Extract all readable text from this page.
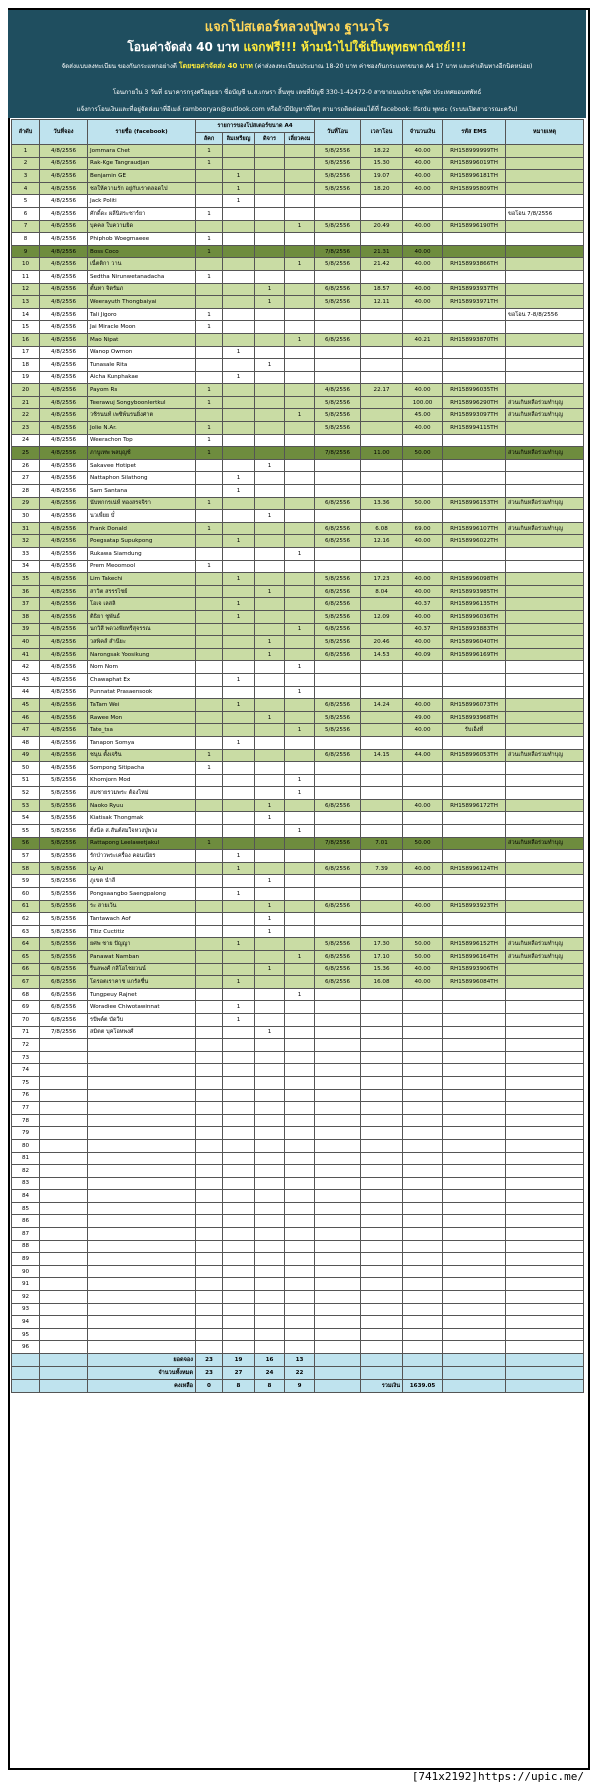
แจกโปสเตอร์หลวงปู่พวง ฐานวโร
โอนค่าจัดส่ง 40 บาท แจกฟรี!!! ห้ามนำไปใช้เป็นพุทธพาณิชย์!!!
จัดส่งแบบลงทะเบียน ของกันกระแทกอย่างดี โดยขอค่าจัดส่ง 40 บาท (ค่าส่งลงทะเบียนประมาณ 18-20 บาท ค่าซองกันกระแทกขนาด A4 17 บาท และค่าเดินทางอีกนิดหน่อย)
โอนภายใน 3 วันที่ ธนาคารกรุงศรีอยุธยา ชื่อบัญชี น.ส.เกษรา สิ้นทุข เลขที่บัญชี 330-1-42472-0 สาขาถนนประชาอุทิศ ประเทศยอนทพัทธ์
แจ้งการโอนเงินและที่อยู่จัดส่งมาที่อีเมล์ rambooryan@outlook.com หรือถ้ามีปัญหาที่ใดๆ สามารถติดต่อผมได้ที่ facebook: Ifsrdu พุทธะ (ระบบเปิดสาธารณะครับ)
ลำดับ	วันที่จอง	รายชื่อ (facebook)	รายการของโปสเตอร์ขนาด A4				วันที่โอน	เวลาโอน	จำนวนเงิน	รหัส EMS	หมายเหตุ
			ลัคก	ลิมเหรียญ	ดิจาร	เลี่ยวคงม					
1	4/8/2556	Jommara Chet	1				5/8/2556	18.22	40.00	RH158999999TH	
2	4/8/2556	Rak-Kge Tangraudjan	1				5/8/2556	15.30	40.00	RH158996019TH	
3	4/8/2556	Benjamin GE		1			5/8/2556	19.07	40.00	RH158996181TH	
4	4/8/2556	ชลให้ความรัก อยู่กับเราตลอดไป		1			5/8/2556	18.20	40.00	RH158995809TH	
5	4/8/2556	Jack Politi		1							
6	4/8/2556	ศักดิ์ดะ ผลีนิสระชาร์ยา	1								ขอโอน 7/8/2556
7	4/8/2556	บุคคล ใบความยิด				1	5/8/2556	20.49	40.00	RH158996190TH	
8	4/8/2556	Phiphob Woegmaeee	1								
9	4/8/2556	Boss Coco	1				7/8/2556	21.31	40.00		
10	4/8/2556	เนื่ตติกา วาน				1	5/8/2556	21.42	40.00	RH158993866TH	
11	4/8/2556	Sedtha Nirunwetanadacha	1								
12	4/8/2556	ตั้นทา จิตรัมภ			1		6/8/2556	18.57	40.00	RH158993937TH	
13	4/8/2556	Weerayuth Thongbaiyai			1		5/8/2556	12.11	40.00	RH158993971TH	
14	4/8/2556	Tali Jigoro	1								ขอโอน 7-8/8/2556
15	4/8/2556	Jai Miracle Moon	1								
16	4/8/2556	Mao Nipat				1	6/8/2556		40.21	RH158993870TH	
17	4/8/2556	Wanop Owmon		1							
18	4/8/2556	Tunasale Rita			1						
19	4/8/2556	Aicha Kunphakae		1							
20	4/8/2556	Payom Rs	1				4/8/2556	22.17	40.00	RH158996035TH	
21	4/8/2556	Teerawuj Songyboonlertkul	1				5/8/2556		100.00	RH158996290TH	ส่วนเกินหลือร่วมทำบุญ
22	4/8/2556	วชิรนนท์ เพชิพ์นรนยิ่งศาต				1	5/8/2556		45.00	RH158993097TH	ส่วนเกินหลือร่วมทำบุญ
23	4/8/2556	Jolie N.Ar.	1				5/8/2556		40.00	RH158994115TH	
24	4/8/2556	Weerachon Top	1								
25	4/8/2556	ภาบูเทพ พลบุญช์	1				7/8/2556	11.00	50.00		ส่วนเกินหลือร่วมทำบุญ
26	4/8/2556	Sakavee Hotipet			1						
27	4/8/2556	Nattaphon Silathong		1							
28	4/8/2556	Sam Santana		1							
29	4/8/2556	นับทกกรเน่ห์ ทองสรจจิรา	1				6/8/2556	13.36	50.00	RH158996153TH	ส่วนเกินหลือร่วมทำบุญ
30	4/8/2556	นวเพื่ยย บั๋			1						
31	4/8/2556	Frank Donald	1				6/8/2556	6.08	69.00	RH158996107TH	ส่วนเกินหลือร่วมทำบุญ
32	4/8/2556	Poegsatap Supukpong		1			6/8/2556	12.16	40.00	RH158996022TH	
33	4/8/2556	Rukawa Siamdung				1					
34	4/8/2556	Prem Meoomool	1								
35	4/8/2556	Lim Takechi		1			5/8/2556	17.23	40.00	RH158996098TH	
36	4/8/2556	สาวิต สรรรไชย์			1		6/8/2556	8.04	40.00	RH158993985TH	
37	4/8/2556	โอเจ เลสลิ		1			6/8/2556		40.37	RH158996135TH	
38	4/8/2556	ติธิยา ชูพันธ์		1			5/8/2556	12.09	40.00	RH158996036TH	
39	4/8/2556	นกวิสี พดวงฟัยทรีสุจรรณ				1	6/8/2556		40.37	RH158993883TH	
40	4/8/2556	วสพิคส์ สำนึยะ			1		5/8/2556	20.46	40.00	RH158996040TH	
41	4/8/2556	Narongsak Yoosikung			1		6/8/2556	14.53	40.09	RH158996169TH	
42	4/8/2556	Nom Nom				1					
43	4/8/2556	Chawaphat Ex		1							
44	4/8/2556	Punnatat Prasaensook				1					
45	4/8/2556	TaTam Wei		1			6/8/2556	14.24	40.00	RH158996073TH	
46	4/8/2556	Rawee Mon			1		5/8/2556		49.00	RH158993968TH	
47	4/8/2556	Tate_tsa				1	5/8/2556		40.00	รับเอ็งที่	
48	4/8/2556	Tanapon Somya		1							
49	4/8/2556	ชนุน ตั้งเจริน	1				6/8/2556	14.15	44.00	RH158996053TH	ส่วนเกินหลือร่วมทำบุญ
50	4/8/2556	Sompong Sitipacha	1								
51	5/8/2556	Khomjorn Mod				1					
52	5/8/2556	สมชายรวมพระ ต้องไหม่				1					
53	5/8/2556	Naoko Ryuu			1		6/8/2556		40.00	RH158996172TH	
54	5/8/2556	Kiatisak Thongmak			1						
55	5/8/2556	ติ่งนีล ส.สันต์สมใจหวงปู่พวง				1					
56	5/8/2556	Rattapong Leelawetjakul	1				7/8/2556	7.01	50.00		ส่วนเกินหลือร่วมทำบุญ
57	5/8/2556	รักป่าวพระเครื่อง คอนเนียร		1							
58	5/8/2556	Ly Ai		1			6/8/2556	7.39	40.00	RH158996124TH	
59	5/8/2556	ภูเขต นำลี			1						
60	5/8/2556	Pongsaangbo Saengpalong		1							
61	5/8/2556	ระ สายเว้น			1		6/8/2556		40.00	RH158993923TH	
62	5/8/2556	Tantawach Aof			1						
63	5/8/2556	Titiz Cuctitiz			1						
64	5/8/2556	ยศพ ชาย ปัญญา		1			5/8/2556	17.30	50.00	RH158996152TH	ส่วนเกินหลือร่วมทำบุญ
65	5/8/2556	Panawat Namban				1	6/8/2556	17.10	50.00	RH158996164TH	ส่วนเกินหลือร่วมทำบุญ
66	6/8/2556	รืนลพงศ์ กสิโอไชยวนน์			1		6/8/2556	15.36	40.00	RH158993906TH	
67	6/8/2556	โดรอตเราคาช แกรัลชื่น		1			6/8/2556	16.08	40.00	RH158996084TH	
68	6/8/2556	Tungpeuy Rajnet				1					
69	6/8/2556	Woradiee Chiwotawinnat		1							
70	6/8/2556	รปัพต์ต บัดวีบ		1							
71	7/8/2556	สมิตต บุคโอหพงศ์			1						
72											
73											
74											
75											
76											
77											
78											
79											
80											
81											
82											
83											
84											
85											
86											
87											
88											
89											
90											
91											
92											
93											
94											
95											
96											
		ยอดจอง	23	19	16	13					
		จำนวนทั้งหมด	23	27	24	22					
		คงเหลือ	0	8	8	9		รวมเงิน	1639.05		
[741x2192]https://upic.me/
